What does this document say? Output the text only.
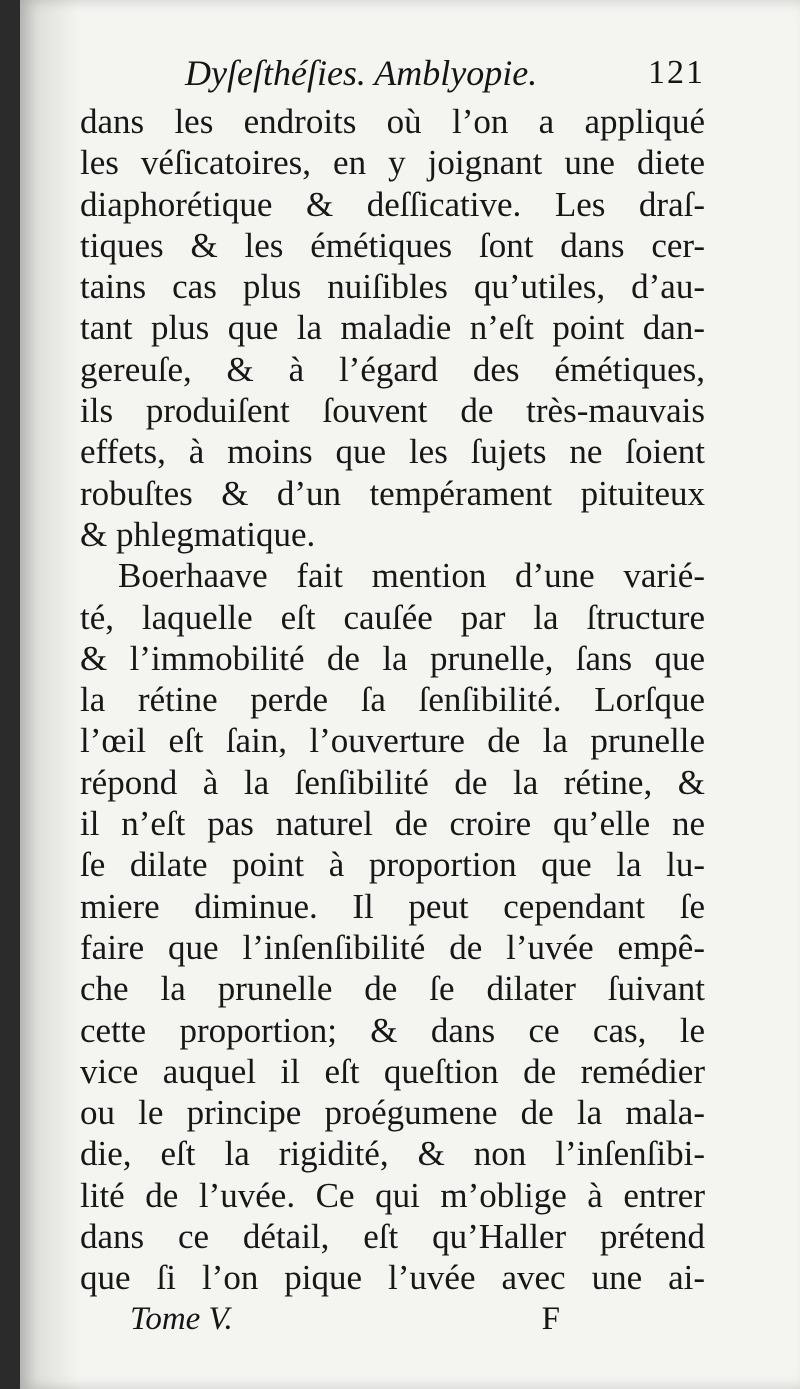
Dyſeſthéſies. Amblyopie.	121
dans les endroits où l’on a appliqué
les véſicatoires, en y joignant une diete
diaphorétique & deſſicative. Les draſ-
tiques & les émétiques ſont dans cer-
tains cas plus nuiſibles qu’utiles, d’au-
tant plus que la maladie n’eſt point dan-
gereuſe, & à l’égard des émétiques,
ils produiſent ſouvent de très-mauvais
effets, à moins que les ſujets ne ſoient
robuſtes & d’un tempérament pituiteux
& phlegmatique.
Boerhaave fait mention d’une varié-
té, laquelle eſt cauſée par la ſtructure
& l’immobilité de la prunelle, ſans que
la rétine perde ſa ſenſibilité. Lorſque
l’œil eſt ſain, l’ouverture de la prunelle
répond à la ſenſibilité de la rétine, &
il n’eſt pas naturel de croire qu’elle ne
ſe dilate point à proportion que la lu-
miere diminue. Il peut cependant ſe
faire que l’inſenſibilité de l’uvée empê-
che la prunelle de ſe dilater ſuivant
cette proportion; & dans ce cas, le
vice auquel il eſt queſtion de remédier
ou le principe proégumene de la mala-
die, eſt la rigidité, & non l’inſenſibi-
lité de l’uvée. Ce qui m’oblige à entrer
dans ce détail, eſt qu’Haller prétend
que ſi l’on pique l’uvée avec une ai-
Tome V.	F
